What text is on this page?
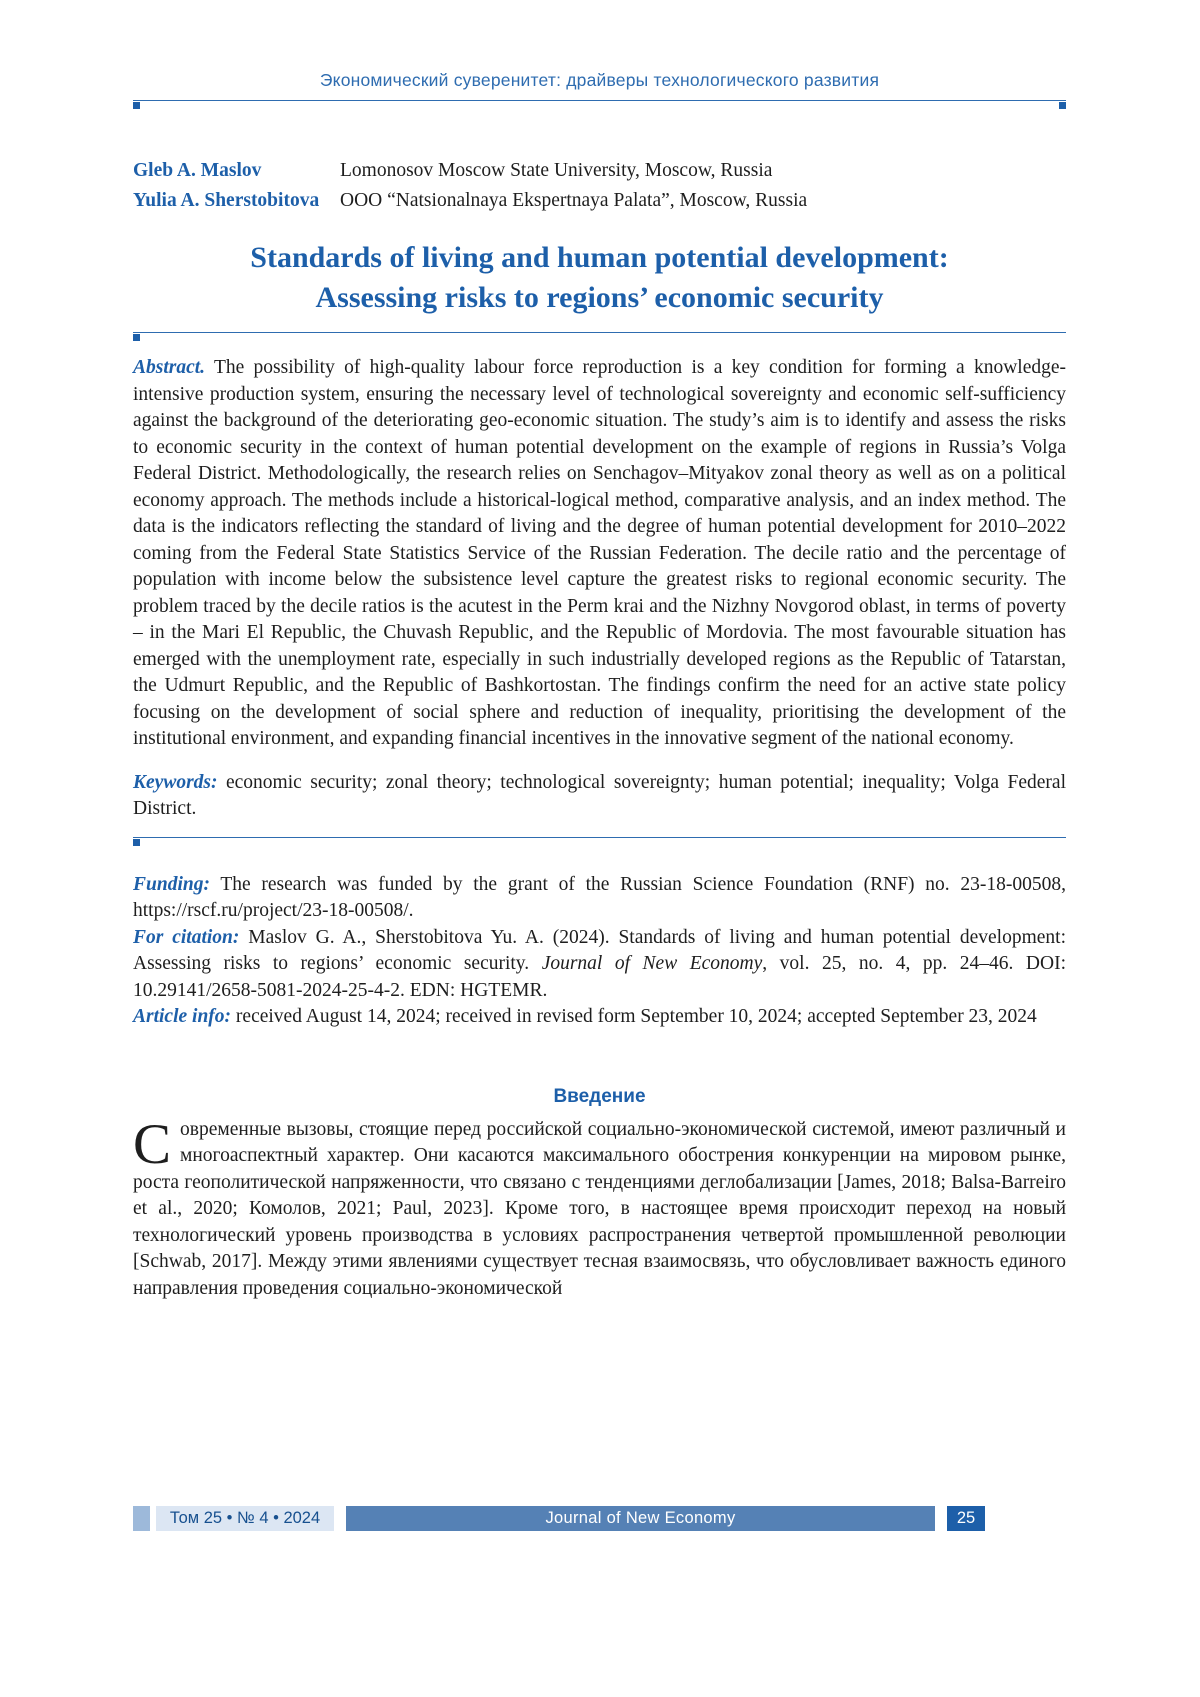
Экономический суверенитет: драйверы технологического развития
Gleb A. Maslov	Lomonosov Moscow State University, Moscow, Russia
Yulia A. Sherstobitova	OOO “Natsionalnaya Ekspertnaya Palata”, Moscow, Russia
Standards of living and human potential development:
Assessing risks to regions’ economic security

Abstract. The possibility of high-quality labour force reproduction is a key condition for forming a knowledge-intensive production system, ensuring the necessary level of technological sovereignty and economic self-sufficiency against the background of the deteriorating geo-economic situation. The study’s aim is to identify and assess the risks to economic security in the context of human potential development on the example of regions in Russia’s Volga Federal District. Methodologically, the research relies on Senchagov–Mityakov zonal theory as well as on a political economy approach. The methods include a historical-logical method, comparative analysis, and an index method. The data is the indicators reflecting the standard of living and the degree of human potential development for 2010–2022 coming from the Federal State Statistics Service of the Russian Federation. The decile ratio and the percentage of population with income below the subsistence level capture the greatest risks to regional economic security. The problem traced by the decile ratios is the acutest in the Perm krai and the Nizhny Novgorod oblast, in terms of poverty – in the Mari El Republic, the Chuvash Republic, and the Republic of Mordovia. The most favourable situation has emerged with the unemployment rate, especially in such industrially developed regions as the Republic of Tatarstan, the Udmurt Republic, and the Republic of Bashkortostan. The findings confirm the need for an active state policy focusing on the development of social sphere and reduction of inequality, prioritising the development of the institutional environment, and expanding financial incentives in the innovative segment of the national economy.

Keywords: economic security; zonal theory; technological sovereignty; human potential; inequality; Volga Federal District.

Funding: The research was funded by the grant of the Russian Science Foundation (RNF) no. 23-18-00508, https://rscf.ru/project/23-18-00508/.

For citation: Maslov G. A., Sherstobitova Yu. A. (2024). Standards of living and human potential development: Assessing risks to regions’ economic security. Journal of New Economy, vol. 25, no. 4, pp. 24–46. DOI: 10.29141/2658-5081-2024-25-4-2. EDN: HGTEMR.

Article info: received August 14, 2024; received in revised form September 10, 2024; accepted September 23, 2024

Введение

Современные вызовы, стоящие перед российской социально-экономической системой, имеют различный и многоаспектный характер. Они касаются максимального обострения конкуренции на мировом рынке, роста геополитической напряженности, что связано с тенденциями деглобализации [James, 2018; Balsa-Barreiro et al., 2020; Комолов, 2021; Paul, 2023]. Кроме того, в настоящее время происходит переход на новый технологический уровень производства в условиях распространения четвертой промышленной революции [Schwab, 2017]. Между этими явлениями существует тесная взаимосвязь, что обусловливает важность единого направления проведения социально-экономической

Том 25 • № 4 • 2024	Journal of New Economy	25
